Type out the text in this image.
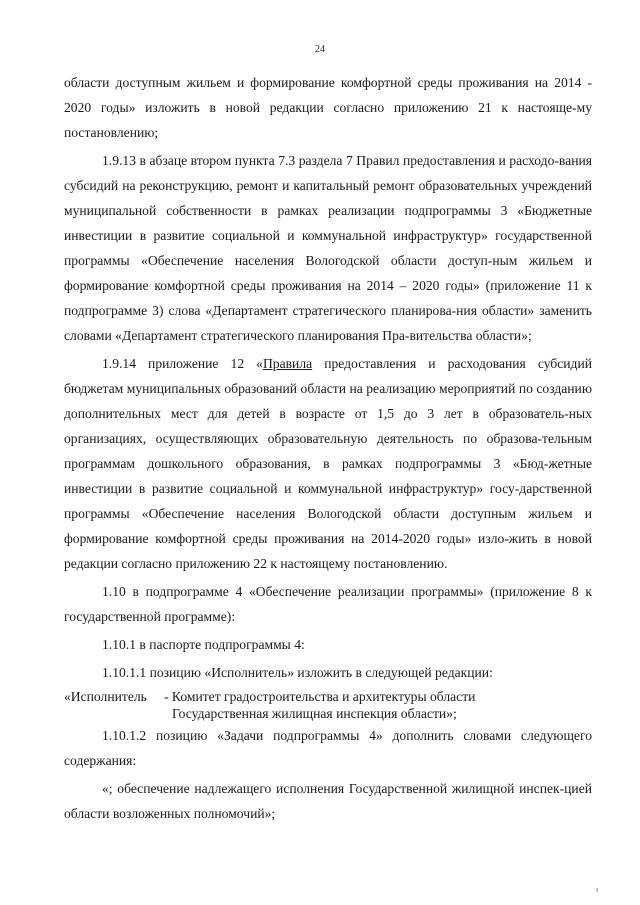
24

области доступным жильем и формирование комфортной среды проживания на 2014 - 2020 годы» изложить в новой редакции согласно приложению 21 к настояще-му постановлению;

1.9.13 в абзаце втором пункта 7.3 раздела 7 Правил предоставления и расходо-вания субсидий на реконструкцию, ремонт и капитальный ремонт образовательных учреждений муниципальной собственности в рамках реализации подпрограммы 3 «Бюджетные инвестиции в развитие социальной и коммунальной инфраструктур» государственной программы «Обеспечение населения Вологодской области доступ-ным жильем и формирование комфортной среды проживания на 2014 – 2020 годы» (приложение 11 к подпрограмме 3) слова «Департамент стратегического планирова-ния области» заменить словами «Департамент стратегического планирования Пра-вительства области»;

1.9.14 приложение 12 «Правила предоставления и расходования субсидий бюджетам муниципальных образований области на реализацию мероприятий по созданию дополнительных мест для детей в возрасте от 1,5 до 3 лет в образователь-ных организациях, осуществляющих образовательную деятельность по образова-тельным программам дошкольного образования, в рамках подпрограммы 3 «Бюд-жетные инвестиции в развитие социальной и коммунальной инфраструктур» госу-дарственной программы «Обеспечение населения Вологодской области доступным жильем и формирование комфортной среды проживания на 2014-2020 годы» изло-жить в новой редакции согласно приложению 22 к настоящему постановлению.

1.10 в подпрограмме 4 «Обеспечение реализации программы» (приложение 8 к государственной программе):

1.10.1 в паспорте подпрограммы 4:

1.10.1.1 позицию «Исполнитель» изложить в следующей редакции:

«Исполнитель - Комитет градостроительства и архитектуры области
Государственная жилищная инспекция области»;

1.10.1.2 позицию «Задачи подпрограммы 4» дополнить словами следующего содержания:

«; обеспечение надлежащего исполнения Государственной жилищной инспек-цией области возложенных полномочий»;

ı
